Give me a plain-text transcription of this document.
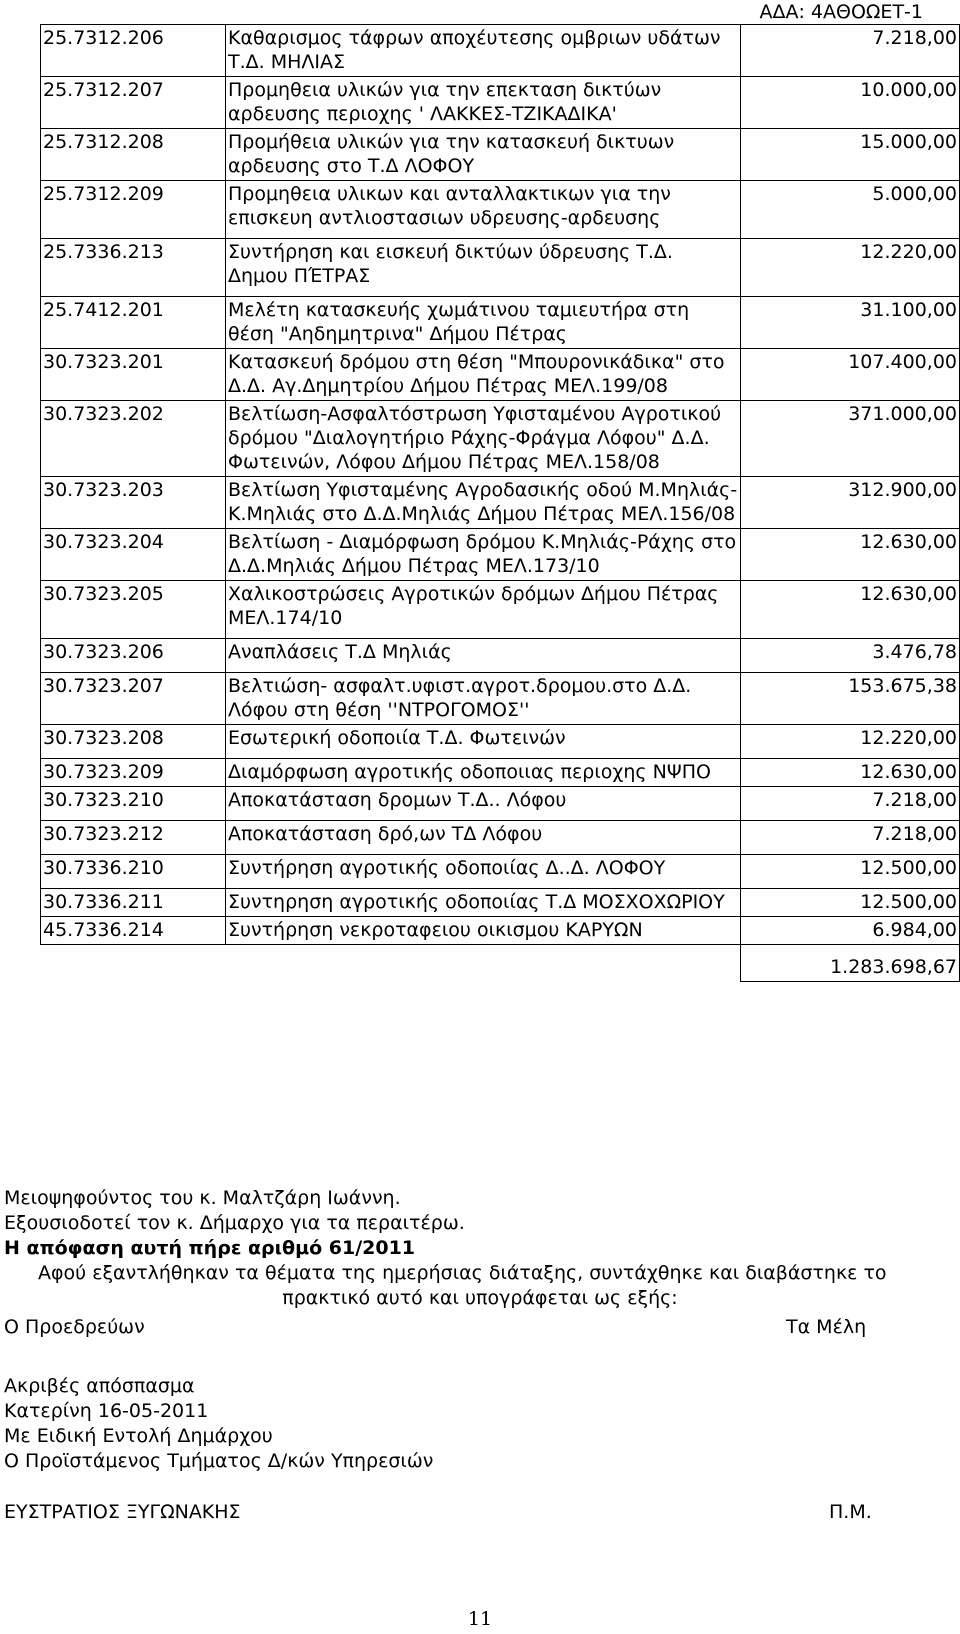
ΑΔΑ: 4ΑΘΟΩΕΤ-1
25.7312.206	Καθαρισμος τάφρων αποχέυτεσης ομβριων υδάτων Τ.Δ. ΜΗΛΙΑΣ	7.218,00
25.7312.207	Προμηθεια υλικών για την επεκταση δικτύων αρδευσης περιοχης ' ΛΑΚΚΕΣ-ΤΖΙΚΑΔΙΚΑ'	10.000,00
25.7312.208	Προμήθεια υλικών για την κατασκευή δικτυων αρδευσης στο Τ.Δ ΛΟΦΟΥ	15.000,00
25.7312.209	Προμηθεια υλικων και ανταλλακτικων για την επισκευη αντλιοστασιων υδρευσης-αρδευσης	5.000,00
25.7336.213	Συντήρηση και εισκευή δικτύων ύδρευσης Τ.Δ. Δημου ΠΈΤΡΑΣ	12.220,00
25.7412.201	Μελέτη κατασκευής χωμάτινου ταμιευτήρα στη θέση "Αηδημητρινα" Δήμου Πέτρας	31.100,00
30.7323.201	Κατασκευή δρόμου στη θέση "Μπουρονικάδικα" στο Δ.Δ. Αγ.Δημητρίου Δήμου Πέτρας ΜΕΛ.199/08	107.400,00
30.7323.202	Βελτίωση-Ασφαλτόστρωση Υφισταμένου Αγροτικού δρόμου "Διαλογητήριο Ράχης-Φράγμα Λόφου" Δ.Δ. Φωτεινών, Λόφου Δήμου Πέτρας ΜΕΛ.158/08	371.000,00
30.7323.203	Βελτίωση Υφισταμένης Αγροδασικής οδού Μ.Μηλιάς-Κ.Μηλιάς στο Δ.Δ.Μηλιάς Δήμου Πέτρας ΜΕΛ.156/08	312.900,00
30.7323.204	Βελτίωση - Διαμόρφωση δρόμου Κ.Μηλιάς-Ράχης στο Δ.Δ.Μηλιάς Δήμου Πέτρας ΜΕΛ.173/10	12.630,00
30.7323.205	Χαλικοστρώσεις Αγροτικών δρόμων Δήμου Πέτρας ΜΕΛ.174/10	12.630,00
30.7323.206	Αναπλάσεις Τ.Δ Μηλιάς	3.476,78
30.7323.207	Βελτιώση- ασφαλτ.υφιστ.αγροτ.δρομου.στο Δ.Δ. Λόφου στη θέση ''ΝΤΡΟΓΟΜΟΣ''	153.675,38
30.7323.208	Εσωτερική οδοποιία Τ.Δ. Φωτεινών	12.220,00
30.7323.209	Διαμόρφωση αγροτικής οδοποιιας περιοχης ΝΨΠΟ	12.630,00
30.7323.210	Αποκατάσταση δρομων Τ.Δ.. Λόφου	7.218,00
30.7323.212	Αποκατάσταση δρό,ων ΤΔ Λόφου	7.218,00
30.7336.210	Συντήρηση αγροτικής οδοποιίας Δ..Δ. ΛΟΦΟΥ	12.500,00
30.7336.211	Συντηρηση αγροτικής οδοποιίας Τ.Δ ΜΟΣΧΟΧΩΡΙΟΥ	12.500,00
45.7336.214	Συντήρηση νεκροταφειου οικισμου ΚΑΡΥΩΝ	6.984,00
		1.283.698,67
Μειοψηφούντος του κ. Μαλτζάρη Ιωάννη.
Εξουσιοδοτεί τον κ. Δήμαρχο για τα περαιτέρω.
Η απόφαση αυτή πήρε αριθμό 61/2011
Αφού εξαντλήθηκαν τα θέματα της ημερήσιας διάταξης, συντάχθηκε και διαβάστηκε το
πρακτικό αυτό και υπογράφεται ως εξής:
Ο Προεδρεύων	Τα Μέλη
Ακριβές απόσπασμα
Κατερίνη 16-05-2011
Με Ειδική Εντολή Δημάρχου
Ο Προϊστάμενος Τμήματος Δ/κών Υπηρεσιών
ΕΥΣΤΡΑΤΙΟΣ ΞΥΓΩΝΑΚΗΣ	Π.Μ.
11
